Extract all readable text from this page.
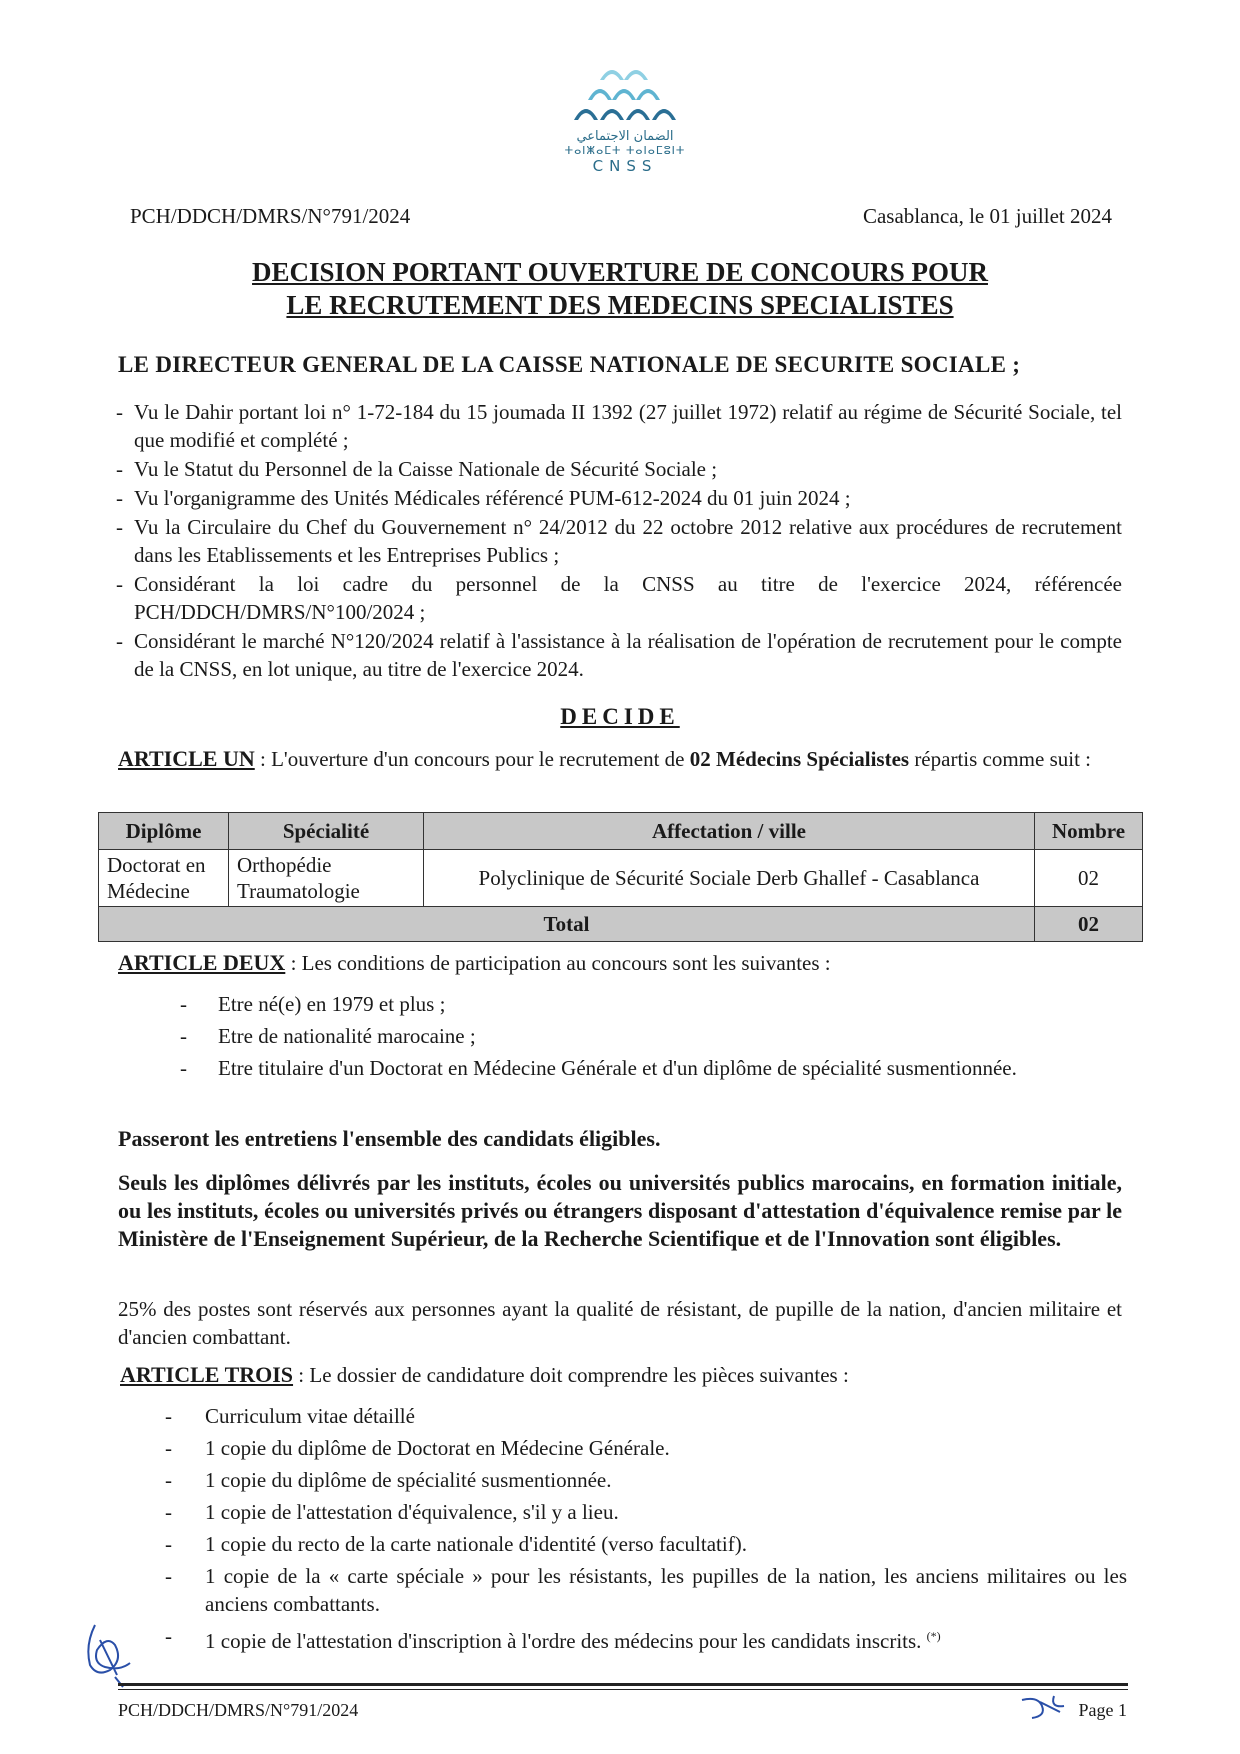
الضمان الاجتماعي
ⵜⴰⵏⵥⴰⵎⵜ ⵜⴰⵏⴰⵎⵓⵏⵜ
CNSS
PCH/DDCH/DMRS/N°791/2024	Casablanca, le 01 juillet 2024
DECISION PORTANT OUVERTURE DE CONCOURS POUR
LE RECRUTEMENT DES MEDECINS SPECIALISTES
LE DIRECTEUR GENERAL DE LA CAISSE NATIONALE DE SECURITE SOCIALE ;
- Vu le Dahir portant loi n° 1-72-184 du 15 joumada II 1392 (27 juillet 1972) relatif au régime de Sécurité Sociale, tel que modifié et complété ;
- Vu le Statut du Personnel de la Caisse Nationale de Sécurité Sociale ;
- Vu l'organigramme des Unités Médicales référencé PUM-612-2024 du 01 juin 2024 ;
- Vu la Circulaire du Chef du Gouvernement n° 24/2012 du 22 octobre 2012 relative aux procédures de recrutement dans les Etablissements et les Entreprises Publics ;
- Considérant la loi cadre du personnel de la CNSS au titre de l'exercice 2024, référencée PCH/DDCH/DMRS/N°100/2024 ;
- Considérant le marché N°120/2024 relatif à l'assistance à la réalisation de l'opération de recrutement pour le compte de la CNSS, en lot unique, au titre de l'exercice 2024.
DECIDE
ARTICLE UN : L'ouverture d'un concours pour le recrutement de 02 Médecins Spécialistes répartis comme suit :
Diplôme	Spécialité	Affectation / ville	Nombre
Doctorat en Médecine	Orthopédie Traumatologie	Polyclinique de Sécurité Sociale Derb Ghallef - Casablanca	02
Total			02
ARTICLE DEUX : Les conditions de participation au concours sont les suivantes :
- Etre né(e) en 1979 et plus ;
- Etre de nationalité marocaine ;
- Etre titulaire d'un Doctorat en Médecine Générale et d'un diplôme de spécialité susmentionnée.
Passeront les entretiens l'ensemble des candidats éligibles.
Seuls les diplômes délivrés par les instituts, écoles ou universités publics marocains, en formation initiale, ou les instituts, écoles ou universités privés ou étrangers disposant d'attestation d'équivalence remise par le Ministère de l'Enseignement Supérieur, de la Recherche Scientifique et de l'Innovation sont éligibles.
25% des postes sont réservés aux personnes ayant la qualité de résistant, de pupille de la nation, d'ancien militaire et d'ancien combattant.
ARTICLE TROIS : Le dossier de candidature doit comprendre les pièces suivantes :
- Curriculum vitae détaillé
- 1 copie du diplôme de Doctorat en Médecine Générale.
- 1 copie du diplôme de spécialité susmentionnée.
- 1 copie de l'attestation d'équivalence, s'il y a lieu.
- 1 copie du recto de la carte nationale d'identité (verso facultatif).
- 1 copie de la « carte spéciale » pour les résistants, les pupilles de la nation, les anciens militaires ou les anciens combattants.
- 1 copie de l'attestation d'inscription à l'ordre des médecins pour les candidats inscrits. (*)
PCH/DDCH/DMRS/N°791/2024	Page 1
